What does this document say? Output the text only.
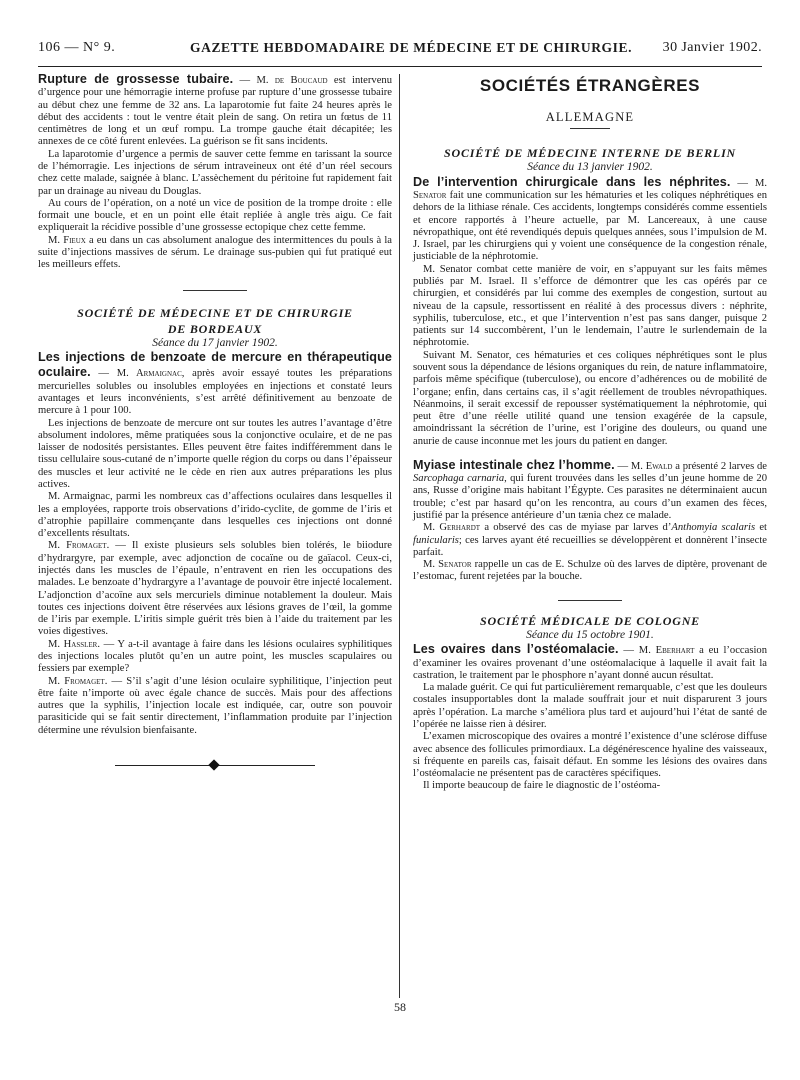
106 — N° 9.	GAZETTE HEBDOMADAIRE DE MÉDECINE ET DE CHIRURGIE. 30 Janvier 1902.

Rupture de grossesse tubaire. — M. de Boucaud est intervenu d’urgence pour une hémorragie interne profuse par rupture d’une grossesse tubaire au début chez une femme de 32 ans. La laparotomie fut faite 24 heures après le début des accidents : tout le ventre était plein de sang. On retira un fœtus de 11 centimètres de long et un œuf rompu. La trompe gauche était décapitée; les annexes de ce côté furent enlevées. La guérison se fit sans incidents.

La laparotomie d’urgence a permis de sauver cette femme en tarissant la source de l’hémorragie. Les injections de sérum intraveineux ont été d’un réel secours chez cette malade, saignée à blanc. L’assèchement du péritoine fut rapidement fait par un drainage au niveau du Douglas.

Au cours de l’opération, on a noté un vice de position de la trompe droite : elle formait une boucle, et en un point elle était repliée à angle très aigu. Ce fait expliquerait la récidive possible d’une grossesse ectopique chez cette femme.

M. Fieux a eu dans un cas absolument analogue des intermittences du pouls à la suite d’injections massives de sérum. Le drainage sus-pubien qui fut pratiqué eut les meilleurs effets.

SOCIÉTÉ DE MÉDECINE ET DE CHIRURGIE
DE BORDEAUX

Séance du 17 janvier 1902.

Les injections de benzoate de mercure en thérapeutique oculaire. — M. Armaignac, après avoir essayé toutes les préparations mercurielles solubles ou insolubles employées en injections et constaté leurs avantages et leurs inconvénients, s’est arrêté définitivement au benzoate de mercure à 1 pour 100.

Les injections de benzoate de mercure ont sur toutes les autres l’avantage d’être absolument indolores, même pratiquées sous la conjonctive oculaire, et de ne pas laisser de nodosités persistantes. Elles peuvent être faites indifféremment dans le tissu cellulaire sous-cutané de n’importe quelle région du corps ou dans l’épaisseur des muscles et leur activité ne le cède en rien aux autres préparations les plus actives.

M. Armaignac, parmi les nombreux cas d’affections oculaires dans lesquelles il les a employées, rapporte trois observations d’irido-cyclite, de gomme de l’iris et d’atrophie papillaire commençante dans lesquelles ces injections ont donné d’excellents résultats.

M. Fromaget. — Il existe plusieurs sels solubles bien tolérés, le biiodure d’hydrargyre, par exemple, avec adjonction de cocaïne ou de gaïacol. Ceux-ci, injectés dans les muscles de l’épaule, n’entravent en rien les occupations des malades. Le benzoate d’hydrargyre a l’avantage de pouvoir être injecté localement. L’adjonction d’acoïne aux sels mercuriels diminue notablement la douleur. Mais toutes ces injections doivent être réservées aux lésions graves de l’œil, la gomme de l’iris par exemple. L’iritis simple guérit très bien à l’aide du traitement par les voies digestives.

M. Hassler. — Y a-t-il avantage à faire dans les lésions oculaires syphilitiques des injections locales plutôt qu’en un autre point, les muscles scapulaires ou fessiers par exemple?

M. Fromaget. — S’il s’agit d’une lésion oculaire syphilitique, l’injection peut être faite n’importe où avec égale chance de succès. Mais pour des affections autres que la syphilis, l’injection locale est indiquée, car, outre son pouvoir parasiticide qui se fait sentir directement, l’inflammation produite par l’injection détermine une révulsion bienfaisante.

SOCIÉTÉS ÉTRANGÈRES
ALLEMAGNE

SOCIÉTÉ DE MÉDECINE INTERNE DE BERLIN

Séance du 13 janvier 1902.

De l’intervention chirurgicale dans les néphrites. — M. Senator fait une communication sur les hématuries et les coliques néphrétiques en dehors de la lithiase rénale. Ces accidents, longtemps considérés comme essentiels et encore rapportés à l’heure actuelle, par M. Lancereaux, à une cause névropathique, ont été revendiqués depuis quelques années, sous l’impulsion de M. J. Israel, par les chirurgiens qui y voient une conséquence de la congestion rénale, justiciable de la néphrotomie.

M. Senator combat cette manière de voir, en s’appuyant sur les faits mêmes publiés par M. Israel. Il s’efforce de démontrer que les cas opérés par ce chirurgien, et considérés par lui comme des exemples de congestion, surtout au niveau de la capsule, ressortissent en réalité à des processus divers : néphrite, syphilis, tuberculose, etc., et que l’intervention n’est pas sans danger, puisque 2 patients sur 14 succombèrent, l’un le lendemain, l’autre le surlendemain de la néphrotomie.

Suivant M. Senator, ces hématuries et ces coliques néphrétiques sont le plus souvent sous la dépendance de lésions organiques du rein, de nature inflammatoire, parfois même spécifique (tuberculose), ou encore d’adhérences ou de mobilité de l’organe; enfin, dans certains cas, il s’agit réellement de troubles névropathiques. Néanmoins, il serait excessif de repousser systématiquement la néphrotomie, qui peut être d’une réelle utilité quand une tension exagérée de la capsule, amoindrissant la sécrétion de l’urine, est l’origine des douleurs, ou quand une anurie de cause inconnue met les jours du patient en danger.

Myiase intestinale chez l’homme. — M. Ewald a présenté 2 larves de Sarcophaga carnaria, qui furent trouvées dans les selles d’un jeune homme de 20 ans, Russe d’origine mais habitant l’Égypte. Ces parasites ne déterminaient aucun trouble; c’est par hasard qu’on les rencontra, au cours d’un examen des fèces, justifié par la présence antérieure d’un tænia chez ce malade.

M. Gerhardt a observé des cas de myiase par larves d’Anthomyia scalaris et funicularis; ces larves ayant été recueillies se développèrent et donnèrent l’insecte parfait.

M. Senator rappelle un cas de E. Schulze où des larves de diptère, provenant de l’estomac, furent rejetées par la bouche.

SOCIÉTÉ MÉDICALE DE COLOGNE

Séance du 15 octobre 1901.

Les ovaires dans l’ostéomalacie. — M. Eberhart a eu l’occasion d’examiner les ovaires provenant d’une ostéomalacique à laquelle il avait fait la castration, le traitement par le phosphore n’ayant donné aucun résultat.

La malade guérit. Ce qui fut particulièrement remarquable, c’est que les douleurs costales insupportables dont la malade souffrait jour et nuit disparurent 3 jours après l’opération. La marche s’améliora plus tard et aujourd’hui l’état de santé de l’opérée ne laisse rien à désirer.

L’examen microscopique des ovaires a montré l’existence d’une sclérose diffuse avec absence des follicules primordiaux. La dégénérescence hyaline des vaisseaux, si fréquente en pareils cas, faisait défaut. En somme les lésions des ovaires dans l’ostéomalacie ne présentent pas de caractères spécifiques.

Il importe beaucoup de faire le diagnostic de l’ostéoma-

58
